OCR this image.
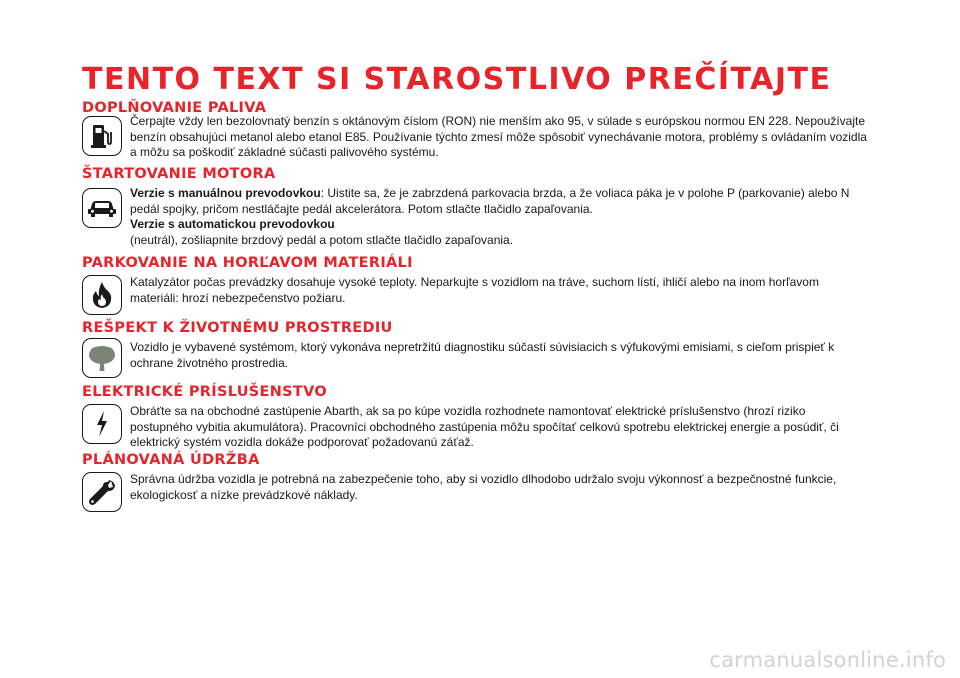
TENTO TEXT SI STAROSTLIVO PREČÍTAJTE
DOPLŇOVANIE PALIVA
Čerpajte vždy len bezolovnatý benzín s oktánovým číslom (RON) nie menším ako 95, v súlade s európskou normou EN 228. Nepoužívajte benzín obsahujúci metanol alebo etanol E85. Používanie týchto zmesí môže spôsobiť vynechávanie motora, problémy s ovládaním vozidla a môžu sa poškodiť základné súčasti palivového systému.
ŠTARTOVANIE MOTORA

Verzie s manuálnou prevodovkou: Uistite sa, že je zabrzdená parkovacia brzda, a že voliaca páka je v polohe P (parkovanie) alebo N pedál spojky, pričom nestláčajte pedál akcelerátora. Potom stlačte tlačidlo zapaľovania.

Verzie s automatickou prevodovkou

(neutrál), zošliapnite brzdový pedál a potom stlačte tlačidlo zapaľovania.

PARKOVANIE NA HORĽAVOM MATERIÁLI
Katalyzátor počas prevádzky dosahuje vysoké teploty. Neparkujte s vozidlom na tráve, suchom lístí, ihličí alebo na inom horľavom materiáli: hrozí nebezpečenstvo požiaru.
REŠPEKT K ŽIVOTNÉMU PROSTREDIU
Vozidlo je vybavené systémom, ktorý vykonáva nepretržitú diagnostiku súčastí súvisiacich s výfukovými emisiami, s cieľom prispieť k ochrane životného prostredia.
ELEKTRICKÉ PRÍSLUŠENSTVO
Obráťte sa na obchodné zastúpenie Abarth, ak sa po kúpe vozidla rozhodnete namontovať elektrické príslušenstvo (hrozí riziko postupného vybitia akumulátora). Pracovníci obchodného zastúpenia môžu spočítať celkovú spotrebu elektrickej energie a posúdiť, či elektrický systém vozidla dokáže podporovať požadovanú záťaž.
PLÁNOVANÁ ÚDRŽBA
Správna údržba vozidla je potrebná na zabezpečenie toho, aby si vozidlo dlhodobo udržalo svoju výkonnosť a bezpečnostné funkcie, ekologickosť a nízke prevádzkové náklady.
carmanualsonline.info
